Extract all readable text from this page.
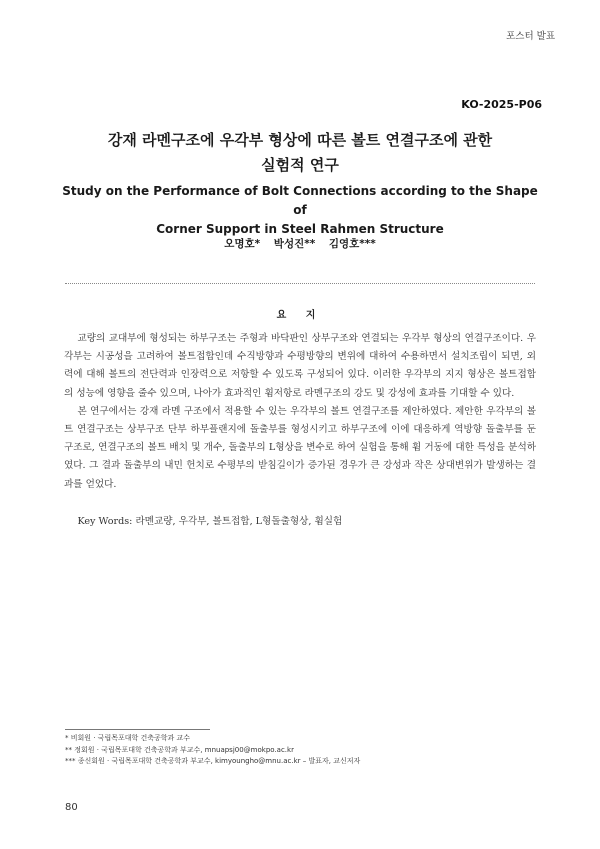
포스터 발표
KO-2025-P06
강재 라멘구조에 우각부 형상에 따른 볼트 연결구조에 관한
실험적 연구
Study on the Performance of Bolt Connections according to the Shape of
Corner Support in Steel Rahmen Structure
오명호* 박성진** 김영호***
요 지

교량의 교대부에 형성되는 하부구조는 주형과 바닥판인 상부구조와 연결되는 우각부 형상의 연결구조이다. 우각부는 시공성을 고려하여 볼트접합인데 수직방향과 수평방향의 변위에 대하여 수용하면서 설치조립이 되면, 외력에 대해 볼트의 전단력과 인장력으로 저항할 수 있도록 구성되어 있다. 이러한 우각부의 지지 형상은 볼트접합의 성능에 영향을 줄수 있으며, 나아가 효과적인 휨저항로 라멘구조의 강도 및 강성에 효과를 기대할 수 있다.

본 연구에서는 강재 라멘 구조에서 적용할 수 있는 우각부의 볼트 연결구조를 제안하였다. 제안한 우각부의 볼트 연결구조는 상부구조 단부 하부플랜지에 돌출부를 형성시키고 하부구조에 이에 대응하게 역방향 돌출부를 둔 구조로, 연결구조의 볼트 배치 및 개수, 돌출부의 L형상을 변수로 하여 실험을 통해 휨 거동에 대한 특성을 분석하였다. 그 결과 돌출부의 내민 헌치로 수평부의 받침길이가 증가된 경우가 큰 강성과 작은 상대변위가 발생하는 결과를 얻었다.

Key Words: 라멘교량, 우각부, 볼트접합, L형돌출형상, 휨실험
* 비회원 · 국립목포대학 건축공학과 교수
** 정회원 · 국립목포대학 건축공학과 부교수, mnuapsj00@mokpo.ac.kr
*** 종신회원 · 국립목포대학 건축공학과 부교수, kimyoungho@mnu.ac.kr – 발표자, 교신저자
80
